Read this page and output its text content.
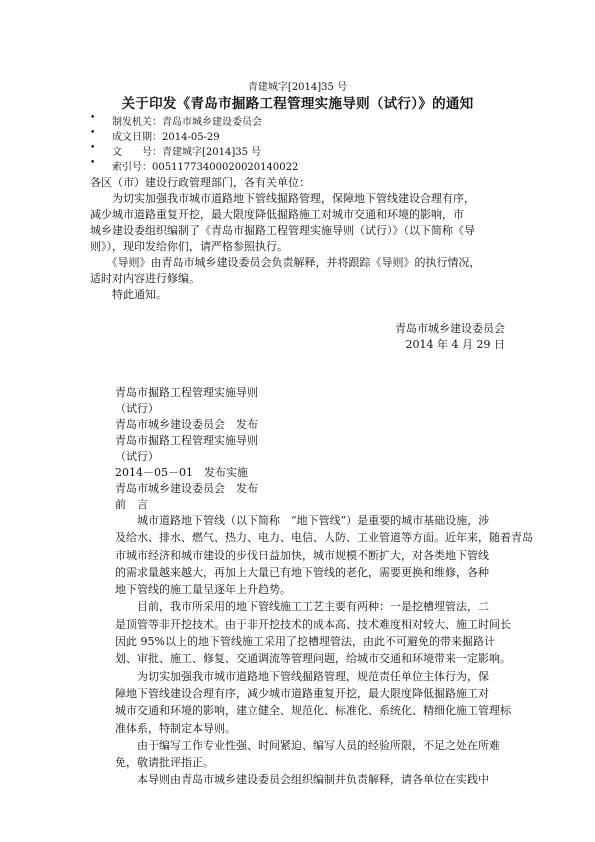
青建城字[2014]35 号
关于印发《青岛市掘路工程管理实施导则（试行）》的通知
• 制发机关：青岛市城乡建设委员会
• 成文日期：2014-05-29
• 文　　号：青建城字[2014]35 号
• 索引号：00511773400020020140022
各区（市）建设行政管理部门，各有关单位：
　　为切实加强我市城市道路地下管线掘路管理，保障地下管线建设合理有序，
减少城市道路重复开挖，最大限度降低掘路施工对城市交通和环境的影响，市
城乡建设委组织编制了《青岛市掘路工程管理实施导则（试行）》（以下简称《导
则》），现印发给你们，请严格参照执行。
　　《导则》由青岛市城乡建设委员会负责解释，并将跟踪《导则》的执行情况，
适时对内容进行修编。
　　特此通知。
青岛市城乡建设委员会
2014 年 4 月 29 日
青岛市掘路工程管理实施导则
（试行）
青岛市城乡建设委员会　发布
青岛市掘路工程管理实施导则
（试行）
2014－05－01　发布实施
青岛市城乡建设委员会　发布
前　言
　　城市道路地下管线（以下简称　“地下管线”）是重要的城市基础设施，涉
及给水、排水、燃气、热力、电力、电信、人防、工业管道等方面。近年来，随着青岛
市城市经济和城市建设的步伐日益加快，城市规模不断扩大，对各类地下管线
的需求量越来越大，再加上大量已有地下管线的老化，需要更换和维修，各种
地下管线的施工量呈逐年上升趋势。
　　目前，我市所采用的地下管线施工工艺主要有两种：一是挖槽埋管法，二
是顶管等非开挖技术。由于非开挖技术的成本高、技术难度相对较大、施工时间长
因此 95%以上的地下管线施工采用了挖槽埋管法，由此不可避免的带来掘路计
划、审批、施工、修复、交通调流等管理问题，给城市交通和环境带来一定影响。
　　为切实加强我市城市道路地下管线掘路管理，规范责任单位主体行为，保
障地下管线建设合理有序，减少城市道路重复开挖，最大限度降低掘路施工对
城市交通和环境的影响，建立健全、规范化、标准化、系统化、精细化施工管理标
准体系，特制定本导则。
　　由于编写工作专业性强、时间紧迫、编写人员的经验所限，不足之处在所难
免，敬请批评指正。
　　本导则由青岛市城乡建设委员会组织编制并负责解释，请各单位在实践中
